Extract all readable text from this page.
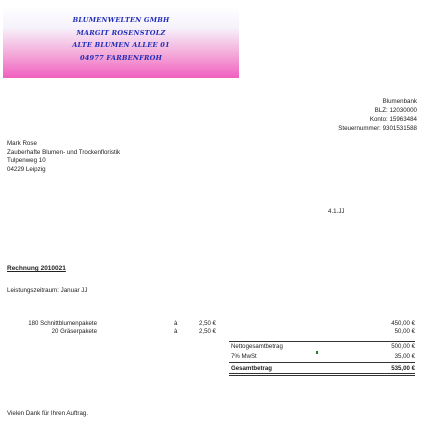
BLUMENWELTEN GMBH
MARGIT ROSENSTOLZ
ALTE BLUMEN ALLEE 01
04977 FARBENFROH
Blumenbank
BLZ: 12030000
Konto: 15963484
Steuernummer: 9301531588
Mark Rose
Zauberhafte Blumen- und Trockenfloristik
Tulpenweg 10
04229 Leipzig
4.1.JJ
Rechnung 2010021
Leistungszeitraum: Januar JJ
180 Schnittblumenpakete	à	2,50 €	450,00 €
20 Gräserpakete	à	2,50 €	50,00 €
Nettogesamtbetrag	500,00 €
7% MwSt	35,00 €
Gesamtbetrag	535,00 €
Vielen Dank für Ihren Auftrag.
